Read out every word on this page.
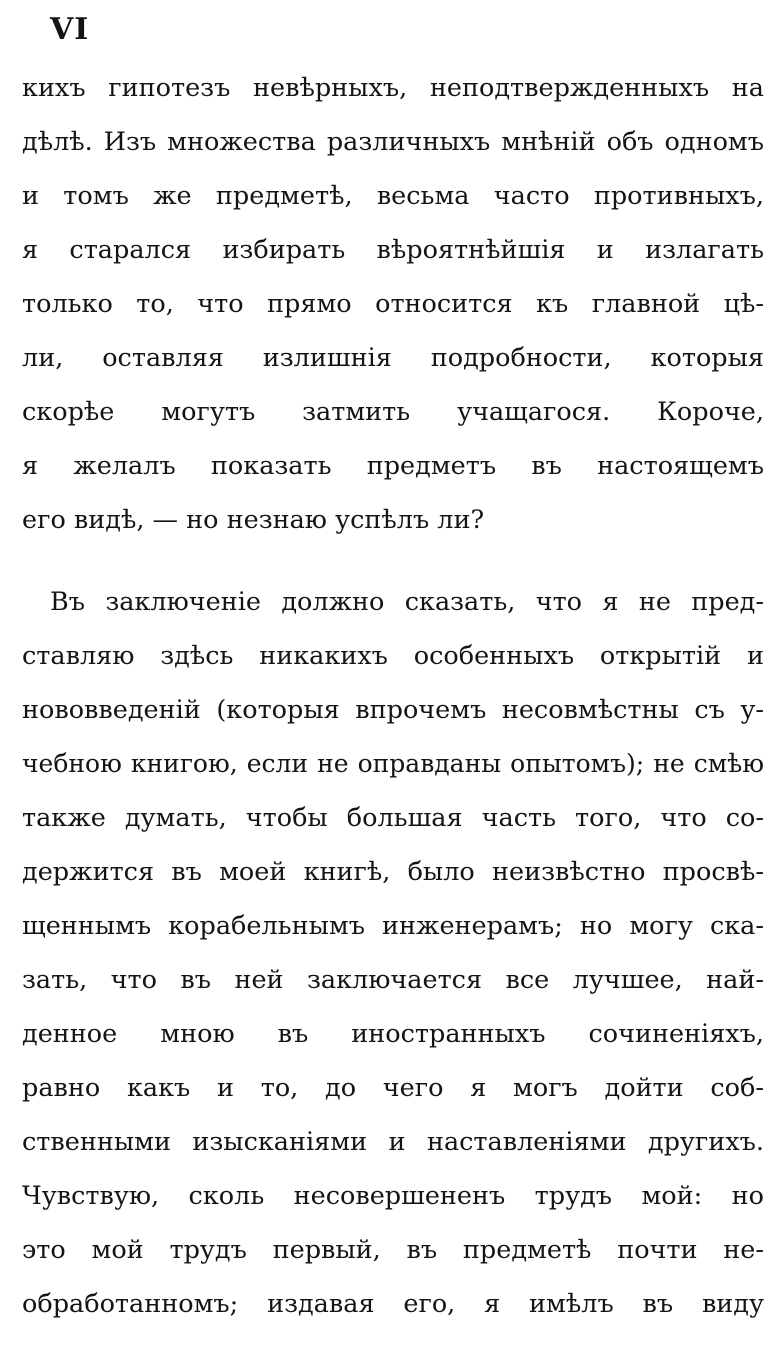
VI
кихъ гипотезъ невѣрныхъ, неподтвержденныхъ на
дѣлѣ. Изъ множества различныхъ мнѣній объ одномъ
и томъ же предметѣ, весьма часто противныхъ,
я старался избирать вѣроятнѣйшія и излагать
только то, что прямо относится къ главной цѣ-
ли, оставляя излишнія подробности, которыя
скорѣе могутъ затмить учащагося. Короче,
я желалъ показать предметъ въ настоящемъ
его видѣ, — но незнаю успѣлъ ли?
Въ заключеніе должно сказать, что я не пред-
ставляю здѣсь никакихъ особенныхъ открытій и
нововведеній (которыя впрочемъ несовмѣстны съ у-
чебною книгою, если не оправданы опытомъ); не смѣю
также думать, чтобы большая часть того, что со-
держится въ моей книгѣ, было неизвѣстно просвѣ-
щеннымъ корабельнымъ инженерамъ; но могу ска-
зать, что въ ней заключается все лучшее, най-
денное мною въ иностранныхъ сочиненіяхъ,
равно какъ и то, до чего я могъ дойти соб-
ственными изысканіями и наставленіями другихъ.
Чувствую, сколь несовершененъ трудъ мой: но
это мой трудъ первый, въ предметѣ почти не-
обработанномъ; издавая его, я имѣлъ въ виду
